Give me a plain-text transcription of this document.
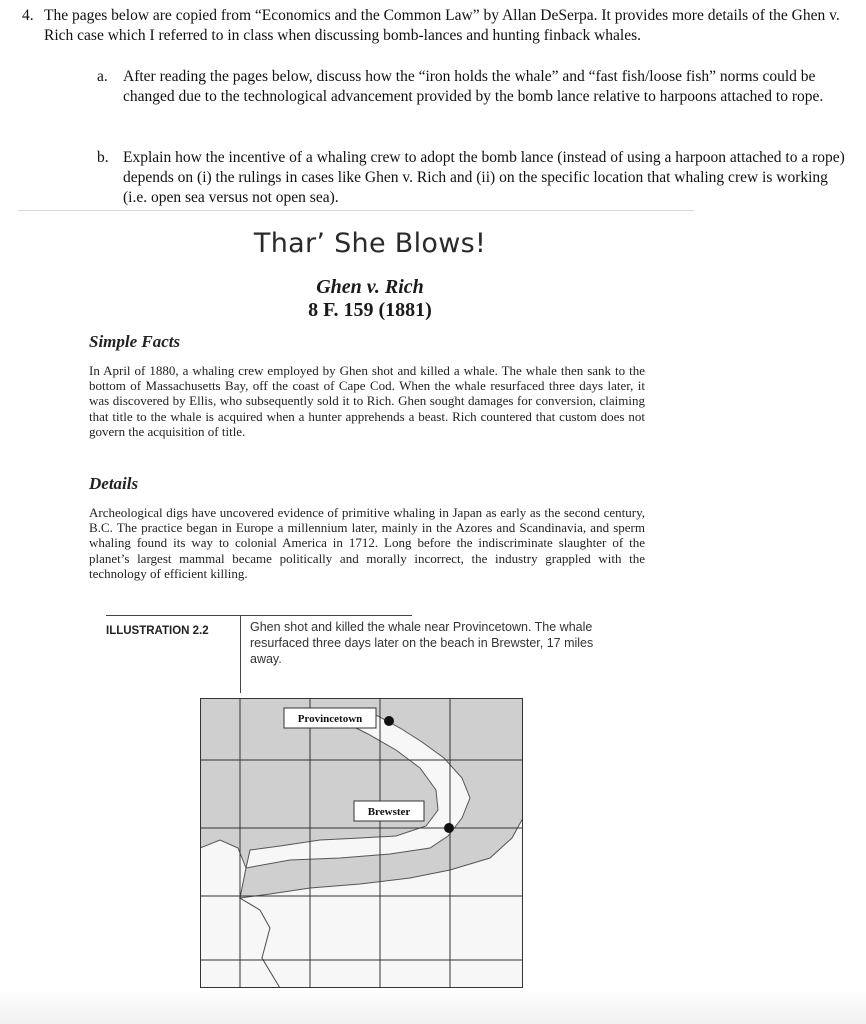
4. The pages below are copied from “Economics and the Common Law” by Allan DeSerpa. It provides more details of the Ghen v. Rich case which I referred to in class when discussing bomb-lances and hunting finback whales.
a. After reading the pages below, discuss how the “iron holds the whale” and “fast fish/loose fish” norms could be changed due to the technological advancement provided by the bomb lance relative to harpoons attached to rope.
b. Explain how the incentive of a whaling crew to adopt the bomb lance (instead of using a harpoon attached to a rope) depends on (i) the rulings in cases like Ghen v. Rich and (ii) on the specific location that whaling crew is working (i.e. open sea versus not open sea).
Thar’ She Blows!
Ghen v. Rich
8 F. 159 (1881)
Simple Facts
In April of 1880, a whaling crew employed by Ghen shot and killed a whale. The whale then sank to the bottom of Massachusetts Bay, off the coast of Cape Cod. When the whale resurfaced three days later, it was discovered by Ellis, who subsequently sold it to Rich. Ghen sought damages for conversion, claiming that title to the whale is acquired when a hunter apprehends a beast. Rich countered that custom does not govern the acquisition of title.
Details
Archeological digs have uncovered evidence of primitive whaling in Japan as early as the second century, B.C. The practice began in Europe a millennium later, mainly in the Azores and Scandinavia, and sperm whaling found its way to colonial America in 1712. Long before the indiscriminate slaughter of the planet’s largest mammal became politically and morally incorrect, the industry grappled with the technology of efficient killing.
ILLUSTRATION 2.2	Ghen shot and killed the whale near Provincetown. The whale resurfaced three days later on the beach in Brewster, 17 miles away.
Provincetown
Brewster
